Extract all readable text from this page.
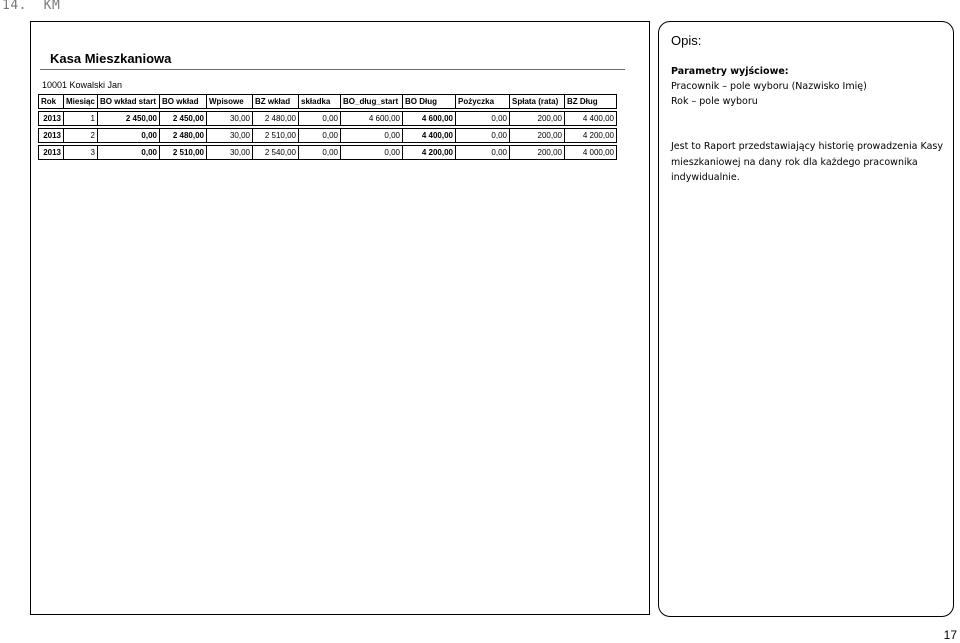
14.  KM
Kasa Mieszkaniowa
10001 Kowalski Jan
Rok	Miesiąc	BO wkład start	BO wkład	Wpisowe	BZ wkład	składka	BO_dług_start	BO Dług	Pożyczka	Spłata (rata)	BZ Dług

2013	1	2 450,00	2 450,00	30,00	2 480,00	0,00	4 600,00	4 600,00	0,00	200,00	4 400,00

2013	2	0,00	2 480,00	30,00	2 510,00	0,00	0,00	4 400,00	0,00	200,00	4 200,00

2013	3	0,00	2 510,00	30,00	2 540,00	0,00	0,00	4 200,00	0,00	200,00	4 000,00
Opis:
Parametry wyjściowe:
Pracownik – pole wyboru (Nazwisko Imię)
Rok – pole wyboru
Jest to Raport przedstawiający historię prowadzenia Kasy mieszkaniowej na dany rok dla każdego pracownika indywidualnie.
17
